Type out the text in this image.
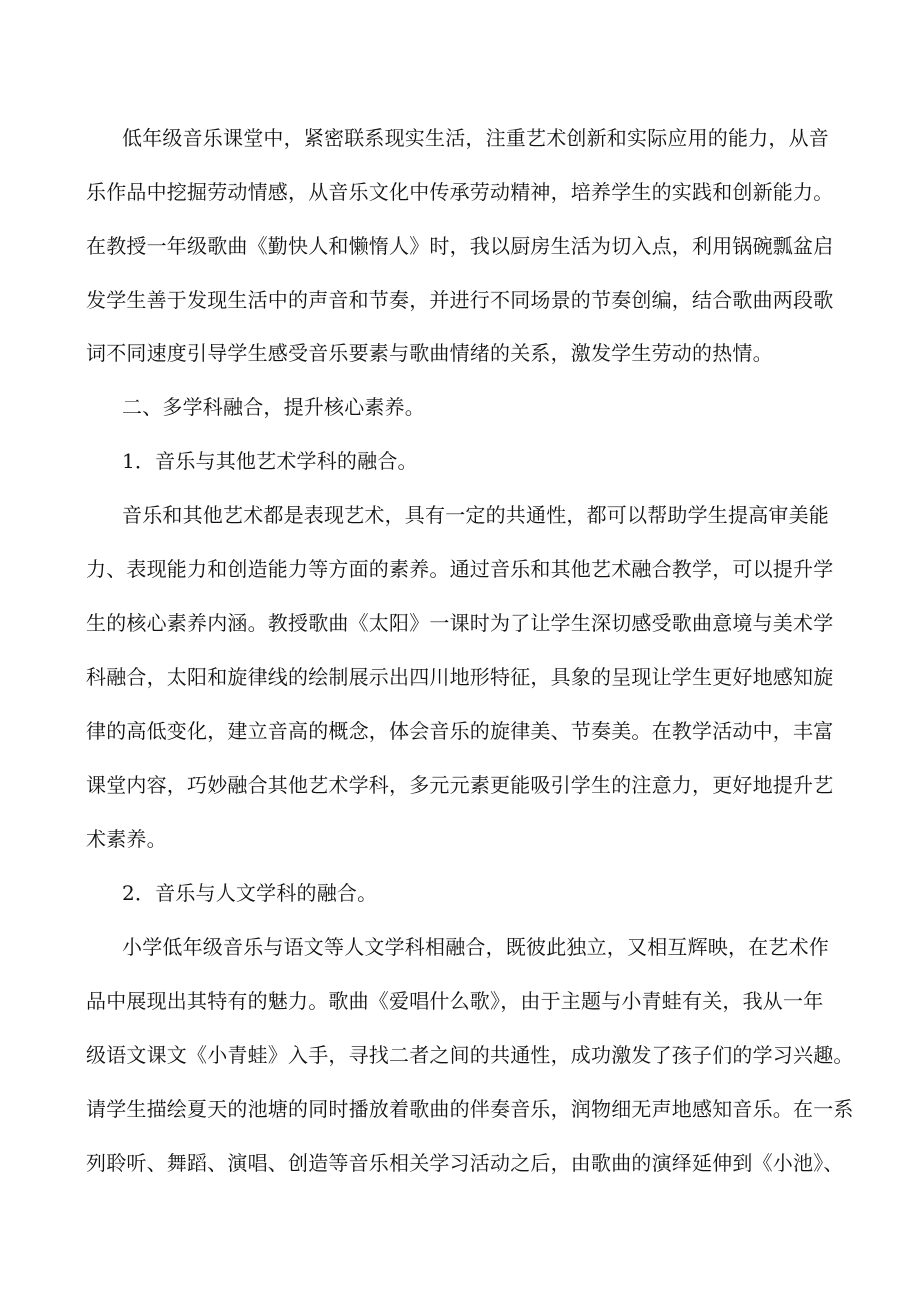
低年级音乐课堂中，紧密联系现实生活，注重艺术创新和实际应用的能力，从音
乐作品中挖掘劳动情感，从音乐文化中传承劳动精神，培养学生的实践和创新能力。
在教授一年级歌曲《勤快人和懒惰人》时，我以厨房生活为切入点，利用锅碗瓢盆启
发学生善于发现生活中的声音和节奏，并进行不同场景的节奏创编，结合歌曲两段歌
词不同速度引导学生感受音乐要素与歌曲情绪的关系，激发学生劳动的热情。
二、多学科融合，提升核心素养。
1．音乐与其他艺术学科的融合。
音乐和其他艺术都是表现艺术，具有一定的共通性，都可以帮助学生提高审美能
力、表现能力和创造能力等方面的素养。通过音乐和其他艺术融合教学，可以提升学
生的核心素养内涵。教授歌曲《太阳》一课时为了让学生深切感受歌曲意境与美术学
科融合，太阳和旋律线的绘制展示出四川地形特征，具象的呈现让学生更好地感知旋
律的高低变化，建立音高的概念，体会音乐的旋律美、节奏美。在教学活动中，丰富
课堂内容，巧妙融合其他艺术学科，多元元素更能吸引学生的注意力，更好地提升艺
术素养。
2．音乐与人文学科的融合。
小学低年级音乐与语文等人文学科相融合，既彼此独立，又相互辉映，在艺术作
品中展现出其特有的魅力。歌曲《爱唱什么歌》，由于主题与小青蛙有关，我从一年
级语文课文《小青蛙》入手，寻找二者之间的共通性，成功激发了孩子们的学习兴趣。
请学生描绘夏天的池塘的同时播放着歌曲的伴奏音乐，润物细无声地感知音乐。在一系
列聆听、舞蹈、演唱、创造等音乐相关学习活动之后，由歌曲的演绎延伸到《小池》、
